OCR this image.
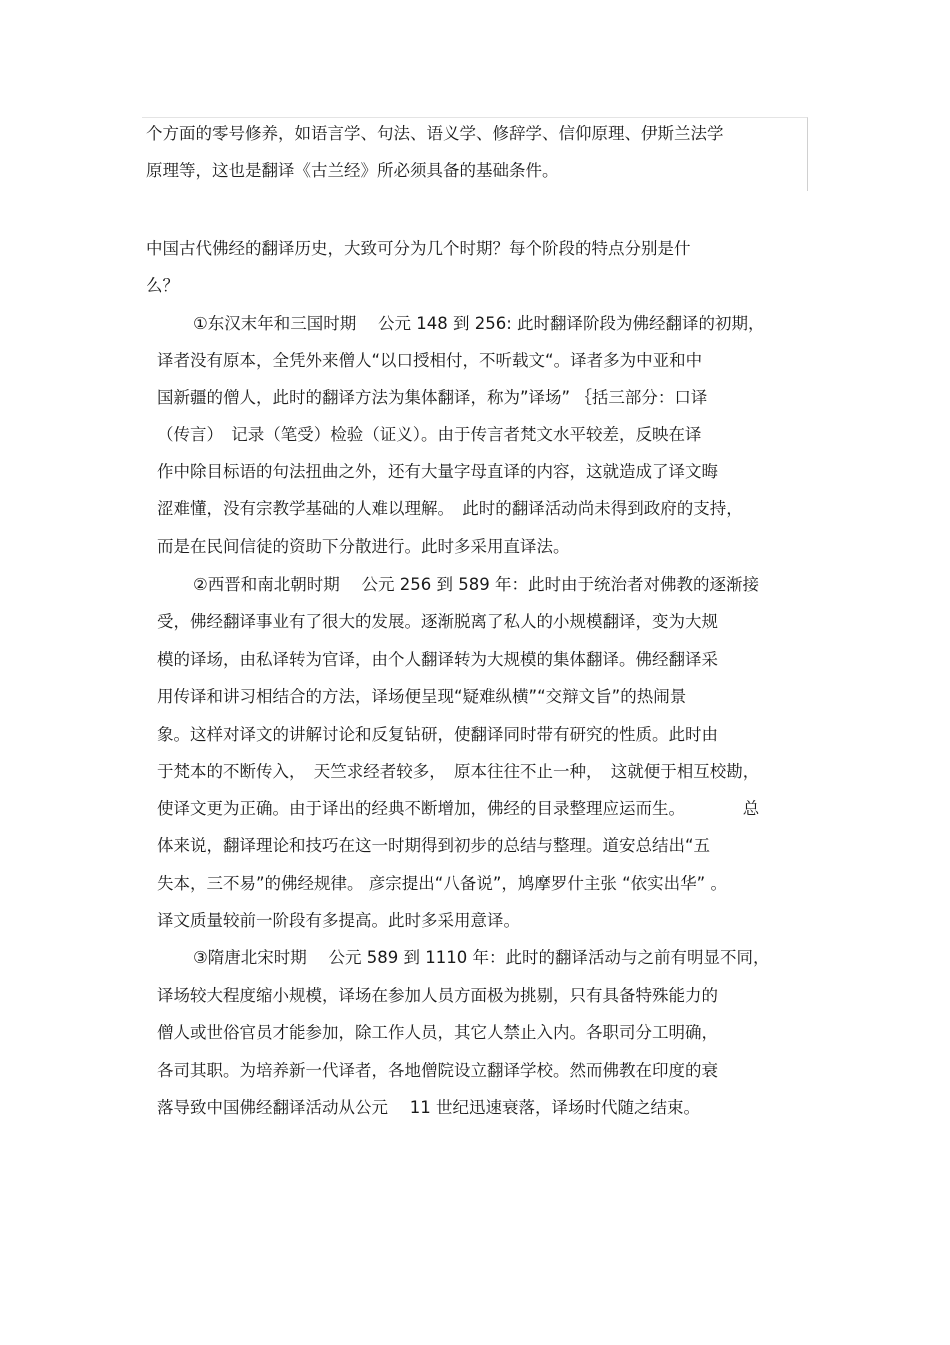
个方面的零号修养，如语言学、句法、语义学、修辞学、信仰原理、伊斯兰法学
原理等，这也是翻译《古兰经》所必须具备的基础条件。
中国古代佛经的翻译历史，大致可分为几个时期？每个阶段的特点分别是什
么？
①东汉末年和三国时期　 公元 148 到 256: 此时翻译阶段为佛经翻译的初期，
译者没有原本，全凭外来僧人“以口授相付，不听载文“。译者多为中亚和中
国新疆的僧人，此时的翻译方法为集体翻译，称为”译场” ｛括三部分：口译
（传言）　记录（笔受）检验（证义）。由于传言者梵文水平较差，反映在译
作中除目标语的句法扭曲之外，还有大量字母直译的内容，这就造成了译文晦
涩难懂，没有宗教学基础的人难以理解。　此时的翻译活动尚未得到政府的支持，
而是在民间信徒的资助下分散进行。此时多采用直译法。
②西晋和南北朝时期　 公元 256 到 589 年：此时由于统治者对佛教的逐渐接
受，佛经翻译事业有了很大的发展。逐渐脱离了私人的小规模翻译，变为大规
模的译场，由私译转为官译，由个人翻译转为大规模的集体翻译。佛经翻译采
用传译和讲习相结合的方法，译场便呈现“疑难纵横”“交辩文旨”的热闹景
象。这样对译文的讲解讨论和反复钻研，使翻译同时带有研究的性质。此时由
于梵本的不断传入，　天竺求经者较多，　原本往往不止一种，　这就便于相互校勘，
使译文更为正确。由于译出的经典不断增加，佛经的目录整理应运而生。　　　　总
体来说，翻译理论和技巧在这一时期得到初步的总结与整理。道安总结出“五
失本，三不易”的佛经规律。 彦宗提出“八备说”，鸠摩罗什主张 “依实出华” 。
译文质量较前一阶段有多提高。此时多采用意译。
③隋唐北宋时期　 公元 589 到 1110 年：此时的翻译活动与之前有明显不同，
译场较大程度缩小规模，译场在参加人员方面极为挑剔，只有具备特殊能力的
僧人或世俗官员才能参加，除工作人员，其它人禁止入内。各职司分工明确，
各司其职。为培养新一代译者，各地僧院设立翻译学校。然而佛教在印度的衰
落导致中国佛经翻译活动从公元　 11 世纪迅速衰落，译场时代随之结束。
